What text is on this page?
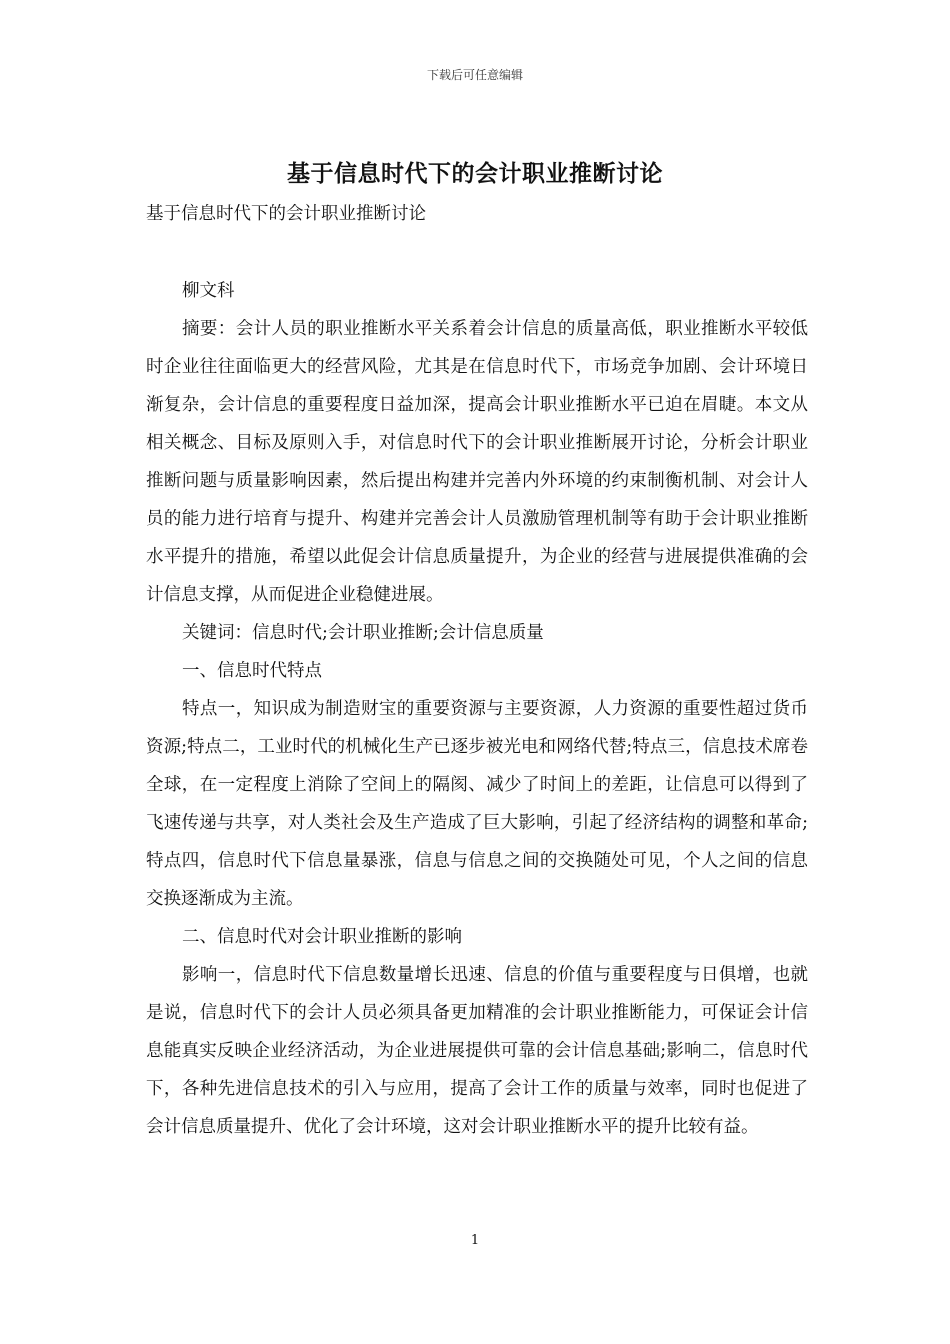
下载后可任意编辑
基于信息时代下的会计职业推断讨论
基于信息时代下的会计职业推断讨论

柳文科

摘要：会计人员的职业推断水平关系着会计信息的质量高低，职业推断水平较低时企业往往面临更大的经营风险，尤其是在信息时代下，市场竞争加剧、会计环境日渐复杂，会计信息的重要程度日益加深，提高会计职业推断水平已迫在眉睫。本文从相关概念、目标及原则入手，对信息时代下的会计职业推断展开讨论，分析会计职业推断问题与质量影响因素，然后提出构建并完善内外环境的约束制衡机制、对会计人员的能力进行培育与提升、构建并完善会计人员激励管理机制等有助于会计职业推断水平提升的措施，希望以此促会计信息质量提升，为企业的经营与进展提供准确的会计信息支撑，从而促进企业稳健进展。

关键词：信息时代;会计职业推断;会计信息质量

一、信息时代特点

特点一，知识成为制造财宝的重要资源与主要资源，人力资源的重要性超过货币资源;特点二，工业时代的机械化生产已逐步被光电和网络代替;特点三，信息技术席卷全球，在一定程度上消除了空间上的隔阂、减少了时间上的差距，让信息可以得到了飞速传递与共享，对人类社会及生产造成了巨大影响，引起了经济结构的调整和革命;特点四，信息时代下信息量暴涨，信息与信息之间的交换随处可见，个人之间的信息交换逐渐成为主流。

二、信息时代对会计职业推断的影响

影响一，信息时代下信息数量增长迅速、信息的价值与重要程度与日俱增，也就是说，信息时代下的会计人员必须具备更加精准的会计职业推断能力，可保证会计信息能真实反映企业经济活动，为企业进展提供可靠的会计信息基础;影响二，信息时代下，各种先进信息技术的引入与应用，提高了会计工作的质量与效率，同时也促进了会计信息质量提升、优化了会计环境，这对会计职业推断水平的提升比较有益。

1
